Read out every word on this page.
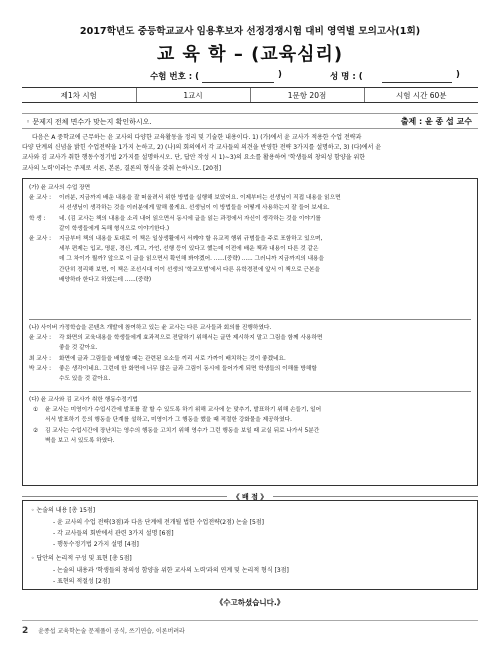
2017학년도 중등학교교사 임용후보자 선정경쟁시험 대비 영역별 모의고사(1회)
교 육 학 – (교육심리)
수험 번호 : (	)	성 명 : (	)
제1차 시험	1교시	1문항 20점	시험 시간 60분
◦ 문제지 전체 면수가 맞는지 확인하시오.	출제 : 윤 종 섭 교수
다음은 A 중학교에 근무하는 윤 교사의 다양한 교육활동을 정리 및 기술한 내용이다. 1) (가)에서 윤 교사가 적용한 수업 전략과
다양 단계의 신념을 밝힌 수업전략을 1가지 논하고, 2) (나)의 회의에서 각 교사들의 의견을 반영한 전략 3가지를 설명하고, 3) (다)에서 윤
교사와 김 교사가 취한 행동수정기법 2가지를 설명하시오. 단, 답안 작성 시 1)∼3)의 요소를 활용하여 '학생들의 창의성 함양을 위한
교사의 노력'이라는 주제로 서론, 본론, 결론의 형식을 갖춰 논하시오. [20점]
(가) 윤 교사의 수업 장면
윤 교사 : 이러분, 지금까지 배운 내용을 잘 떠올려서 위한 방법을 실행해 보았어요. 이제부터는 선생님이 직접 내용을 읽으면
서 선생님이 생각하는 것을 이러분에게 말해 볼게요. 선생님이 이 방법들을 어떻게 사용하는지 잘 들어 보세요.
학 생 : 네. (김 교사는 책의 내용을 소리 내어 읽으면서 동시에 글을 읽는 과정에서 자신이 생각하는 것을 이야기를
같이 학생들에게 독해 형식으로 이야기한다.)
윤 교사 : 지금부터 책의 내용을 토대로 이 책은 일상생활에서 서께야 할 유교적 행위 규범들을 주로 포함하고 있으며,
세부 편제는 입교, 명륜, 경신, 계고, 가언, 선행 등이 있다고 했는데 이전에 배운 책과 내용이 다른 것 같은
데 그 차이가 뭘까? 앞으로 이 글을 읽으면서 확인해 봐야겠어. ......(중략) ...... 그러니까 지금까지의 내용을
간단히 정리해 보면, 이 책은 조선시대 이이 선생의 '학교모범'에서 다른 유학경전에 앞서 이 책으로 근본을
배양하라 한다고 하였는데 ......(중략)
(나) 사이버 가정학습을 콘텐츠 개발에 참여하고 있는 윤 교사는 다른 교사들과 회의를 진행하였다.
윤 교사 : 각 화면의 교육내용을 학생들에게 효과적으로 전달하기 위해서는 글만 제시하지 말고 그림을 함께 사용하면
좋을 것 같아요.
최 교사 : 화면에 글과 그림들을 배열할 때는 관련된 요소들 끼리 서로 가까이 배치하는 것이 좋겠네요.
박 교사 : 좋은 생각이네요. 그런데 한 화면에 너무 많은 글과 그림이 동시에 들어가게 되면 학생들의 이해를 방해할
수도 있을 것 같아요.
(다) 윤 교사와 김 교사가 취한 행동수정기법
① 윤 교사는 미영이가 수업시간에 발표를 잘 할 수 있도록 하기 위해 교사에 눈 맞추기, 발표하기 위해 손들기, 일어
서서 발표하기 등의 행동을 단계를 설하고, 미영이가 그 행동을 했을 때 적절한 강화물을 제공하였다.
② 김 교사는 수업시간에 장난치는 영수의 행동을 고치기 위해 영수가 그런 행동을 보일 때 교실 뒤로 나가서 5분간
벽을 보고 서 있도록 하였다.
《 배 점 》
◦ 논술의 내용 [총 15점]
- 윤 교사의 수업 전략(3점)과 다음 단계에 전개될 법한 수업전략(2점) 논술 [5점]
- 각 교사들의 회반에서 관련 3가지 설명 [6점]
- 행동수정기법 2가지 설명 [4점]
◦ 답안의 논리적 구성 및 표현 [총 5점]
- 논술의 내용과 '학생들의 창의성 함양을 위한 교사의 노력'과의 연계 및 논리적 형식 [3점]
- 표현의 적절성 [2점]
《수고하셨습니다.》
2 윤종섭 교육학논술 문제풀이 공식, 쓰기연습, 이론버려라
